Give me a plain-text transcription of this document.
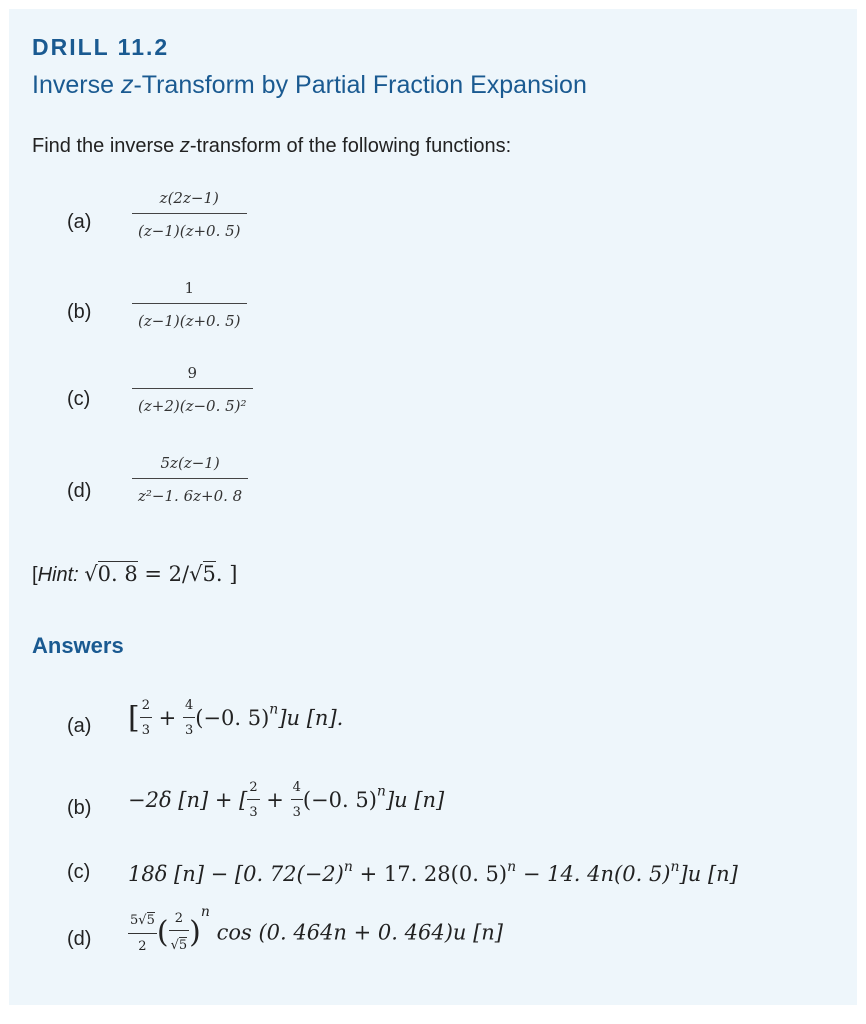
DRILL 11.2
Inverse z-Transform by Partial Fraction Expansion
Find the inverse z-transform of the following functions:
(a)
z(2z−1)
(z−1)(z+0. 5)
(b)
1
(z−1)(z+0. 5)
(c)
9
(z+2)(z−0. 5)²
(d)
5z(z−1)
z²−1. 6z+0. 8
[Hint: √0. 8 = 2/√5. ]
Answers
(a) [ $\frac{2}{3} + \frac{4}{3} (-0$. 5)$^n$]u [n].
(b) −2δ [n] + [ $\frac{2}{3} + \frac{4}{3} (-0$. 5)$^n$]u [n]
(c) 18δ [n] − [0. $72(-2)^n + 17$. 28(0. 5)$^n$ − 14. 4n(0. 5)$^n$]u [n]
(d)	$\frac{5√5}{2}$ ( $\frac{2}{√5} )^n$ cos (0. 464n + 0. 464)u [n]
